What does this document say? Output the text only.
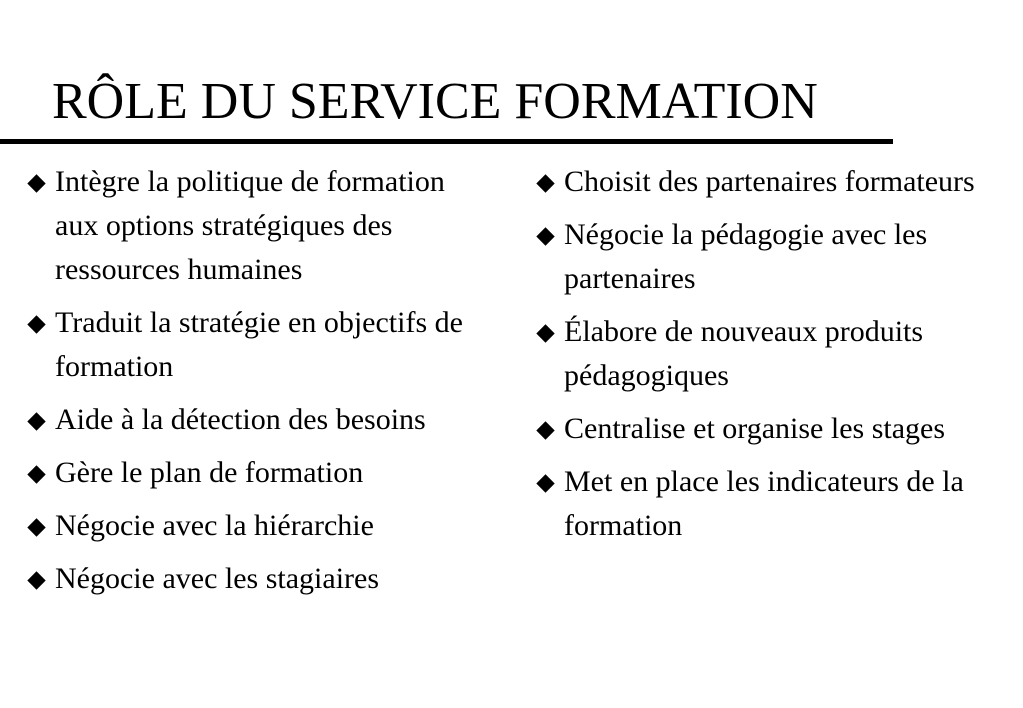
RÔLE DU SERVICE FORMATION
Intègre la politique de formation aux options stratégiques des ressources humaines
Traduit la stratégie en objectifs de formation
Aide à la détection des besoins
Gère le plan de formation
Négocie avec la hiérarchie
Négocie avec les stagiaires
Choisit des partenaires formateurs
Négocie la pédagogie avec les partenaires
Élabore de nouveaux produits pédagogiques
Centralise et organise les stages
Met en place les indicateurs de la formation
